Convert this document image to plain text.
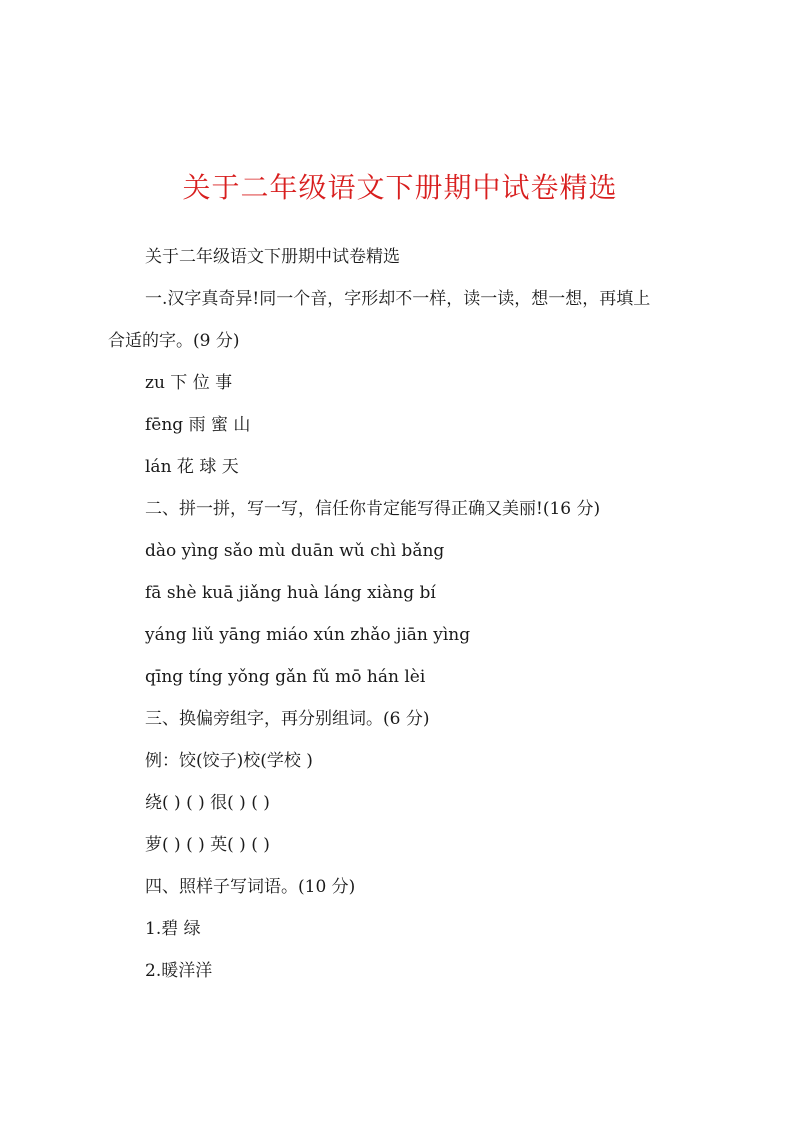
关于二年级语文下册期中试卷精选
关于二年级语文下册期中试卷精选
一.汉字真奇异!同一个音，字形却不一样，读一读，想一想，再填上
合适的字。(9 分)
zu 下 位 事
fēng 雨 蜜 山
lán 花 球 天
二、拼一拼，写一写，信任你肯定能写得正确又美丽!(16 分)
dào yìng sǎo mù duān wǔ chì bǎng
fā shè kuā jiǎng huà láng xiàng bí
yáng liǔ yāng miáo xún zhǎo jiān yìng
qīng tíng yǒng gǎn fǔ mō hán lèi
三、换偏旁组字，再分别组词。(6 分)
例：饺(饺子)校(学校 )
绕( ) ( ) 很( ) ( )
萝( ) ( ) 英( ) ( )
四、照样子写词语。(10 分)
1.碧 绿
2.暖洋洋
